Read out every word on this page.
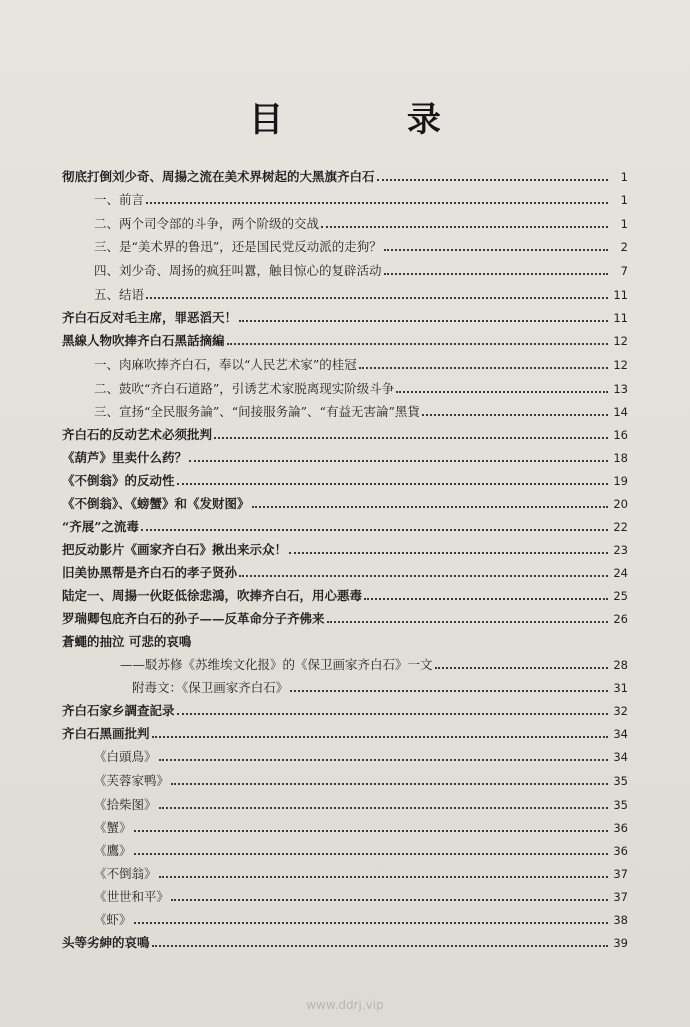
目 录
彻底打倒刘少奇、周揚之流在美术界树起的大黑旗齐白石	1
一、前言	1
二、两个司令部的斗争，两个阶级的交战	1
三、是“美术界的鲁迅”，还是国民党反动派的走狗？	2
四、刘少奇、周扬的疯狂叫囂，触目惊心的复辟活动	7
五、结语	11
齐白石反对毛主席，罪恶滔天！	11
黑線人物吹捧齐白石黑話摘編	12
一、肉麻吹捧齐白石，奉以“人民艺术家”的桂冠	12
二、鼓吹“齐白石道路”，引诱艺术家脱离现实阶级斗争	13
三、宣扬“全民服务論”、“间接服务論”、“有益无害論”黑貨	14
齐白石的反动艺术必须批判	16
《葫芦》里卖什么药？	18
《不倒翁》的反动性	19
《不倒翁》、《螃蟹》和《发财图》	20
“齐展”之流毒	22
把反动影片《画家齐白石》揪出来示众！	23
旧美协黑帮是齐白石的孝子贤孙	24
陆定一、周揚一伙貶低徐悲鴻，吹捧齐白石，用心悪毒	25
罗瑞卿包庇齐白石的孙子——反革命分子齐佛来	26
蒼蠅的抽泣 可悲的哀鳴
——駁苏修《苏维埃文化报》的《保卫画家齐白石》一文	28
附毒文：《保卫画家齐白石》	31
齐白石家乡調查記录	32
齐白石黑画批判	34
《白頭鳥》	34
《芙蓉家鸭》	35
《拾柴图》	35
《蟹》	36
《鷹》	36
《不倒翁》	37
《世世和平》	37
《虾》	38
头等劣紳的哀鳴	39
www.ddrj.vip
